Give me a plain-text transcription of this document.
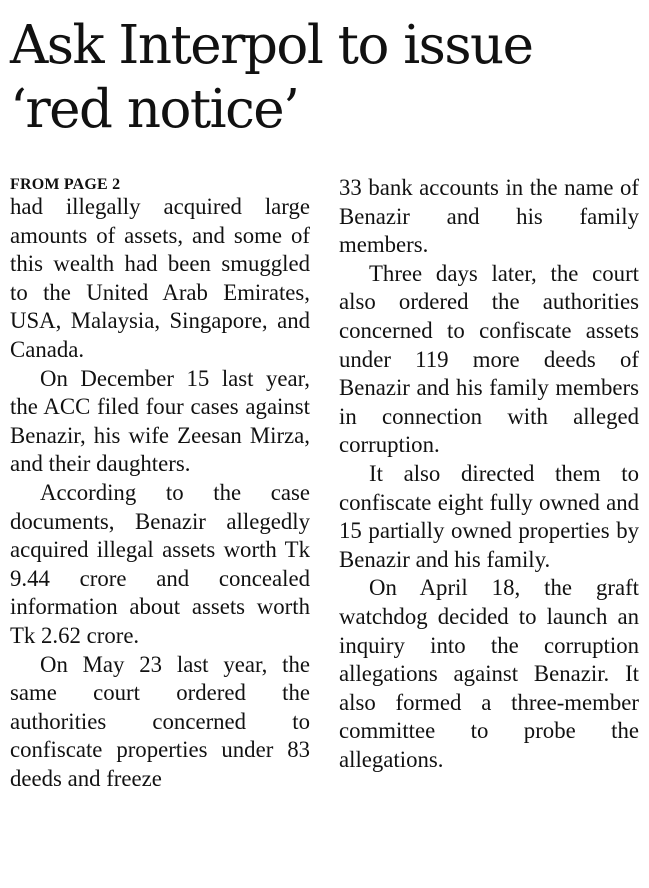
Ask Interpol to issue ‘red notice’
FROM PAGE 2

had illegally acquired large amounts of assets, and some of this wealth had been smuggled to the United Arab Emirates, USA, Malaysia, Singapore, and Canada.

On December 15 last year, the ACC filed four cases against Benazir, his wife Zeesan Mirza, and their daughters.

According to the case documents, Benazir allegedly acquired illegal assets worth Tk 9.44 crore and concealed information about assets worth Tk 2.62 crore.

On May 23 last year, the same court ordered the authorities concerned to confiscate properties under 83 deeds and freeze

33 bank accounts in the name of Benazir and his family members.

Three days later, the court also ordered the authorities concerned to confiscate assets under 119 more deeds of Benazir and his family members in connection with alleged corruption.

It also directed them to confiscate eight fully owned and 15 partially owned properties by Benazir and his family.

On April 18, the graft watchdog decided to launch an inquiry into the corruption allegations against Benazir. It also formed a three-member committee to probe the allegations.
